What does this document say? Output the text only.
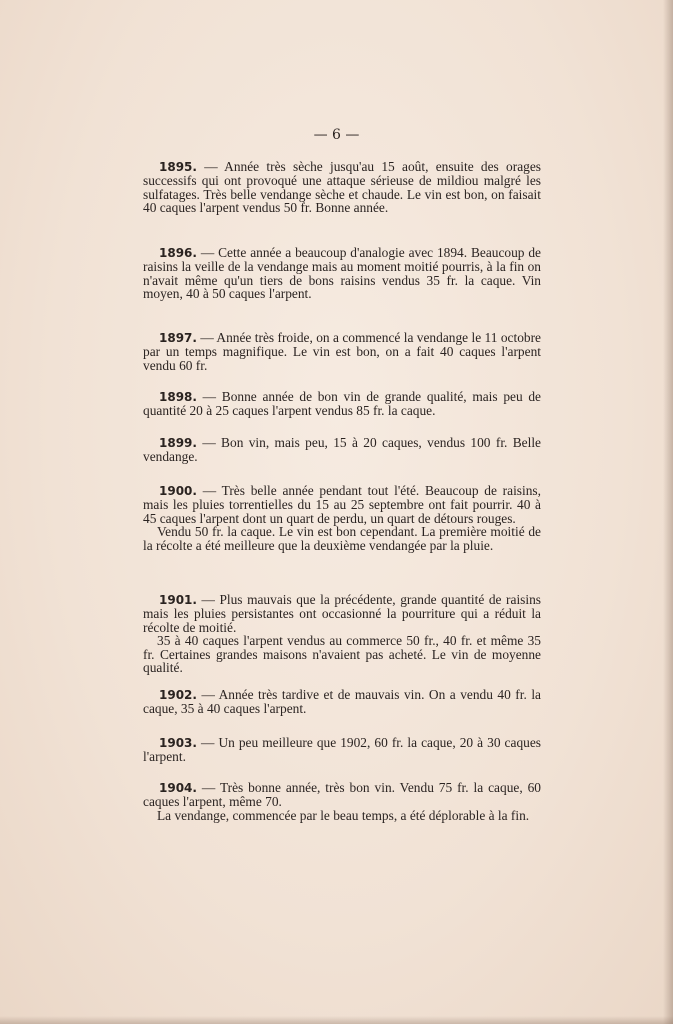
— 6 —

1895. — Année très sèche jusqu'au 15 août, ensuite des orages successifs qui ont provoqué une attaque sérieuse de mildiou malgré les sulfatages. Très belle vendange sèche et chaude. Le vin est bon, on faisait 40 caques l'arpent vendus 50 fr. Bonne année.

1896. — Cette année a beaucoup d'analogie avec 1894. Beaucoup de raisins la veille de la vendange mais au moment moitié pourris, à la fin on n'avait même qu'un tiers de bons raisins vendus 35 fr. la caque. Vin moyen, 40 à 50 caques l'arpent.

1897. — Année très froide, on a commencé la vendange le 11 octobre par un temps magnifique. Le vin est bon, on a fait 40 caques l'arpent vendu 60 fr.

1898. — Bonne année de bon vin de grande qualité, mais peu de quantité 20 à 25 caques l'arpent vendus 85 fr. la caque.

1899. — Bon vin, mais peu, 15 à 20 caques, vendus 100 fr. Belle vendange.

1900. — Très belle année pendant tout l'été. Beaucoup de raisins, mais les pluies torrentielles du 15 au 25 septembre ont fait pourrir. 40 à 45 caques l'arpent dont un quart de perdu, un quart de détours rouges.

Vendu 50 fr. la caque. Le vin est bon cependant. La première moitié de la récolte a été meilleure que la deuxième vendangée par la pluie.

1901. — Plus mauvais que la précédente, grande quantité de raisins mais les pluies persistantes ont occasionné la pourriture qui a réduit la récolte de moitié.

35 à 40 caques l'arpent vendus au commerce 50 fr., 40 fr. et même 35 fr. Certaines grandes maisons n'avaient pas acheté. Le vin de moyenne qualité.

1902. — Année très tardive et de mauvais vin. On a vendu 40 fr. la caque, 35 à 40 caques l'arpent.

1903. — Un peu meilleure que 1902, 60 fr. la caque, 20 à 30 caques l'arpent.

1904. — Très bonne année, très bon vin. Vendu 75 fr. la caque, 60 caques l'arpent, même 70.

La vendange, commencée par le beau temps, a été déplorable à la fin.
